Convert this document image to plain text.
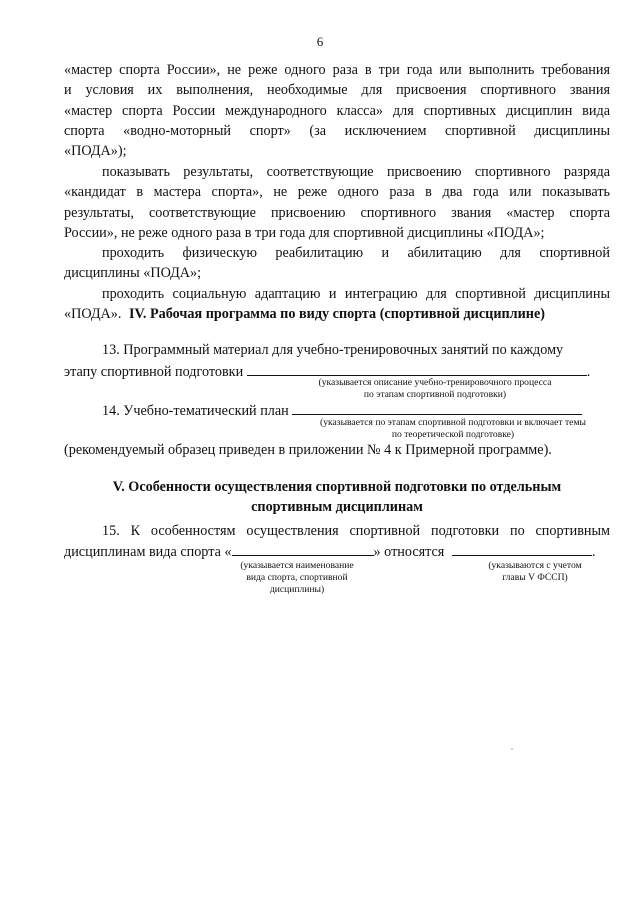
6
«мастер спорта России», не реже одного раза в три года или выполнить требования
и условия их выполнения, необходимые для присвоения спортивного звания
«мастер спорта России международного класса» для спортивных дисциплин вида
спорта «водно-моторный спорт» (за исключением спортивной дисциплины
«ПОДА»);
показывать результаты, соответствующие присвоению спортивного разряда
«кандидат в мастера спорта», не реже одного раза в два года или показывать
результаты, соответствующие присвоению спортивного звания «мастер спорта
России», не реже одного раза в три года для спортивной дисциплины «ПОДА»;
проходить физическую реабилитацию и абилитацию для спортивной
дисциплины «ПОДА»;
проходить социальную адаптацию и интеграцию для спортивной дисциплины
«ПОДА». IV. Рабочая программа по виду спорта (спортивной дисциплине)
13. Программный материал для учебно-тренировочных занятий по каждому
этапу спортивной подготовки	.
(указывается описание учебно-тренировочного процесса
по этапам спортивной подготовки)
14. Учебно-тематический план
(указывается по этапам спортивной подготовки и включает темы
по теоретической подготовке)
(рекомендуемый образец приведен в приложении № 4 к Примерной программе).
V. Особенности осуществления спортивной подготовки по отдельным
спортивным дисциплинам
15. К особенностям осуществления спортивной подготовки по спортивным
дисциплинам вида спорта «	» относятся	.
(указывается наименование
вида спорта, спортивной
дисциплины)
(указываются с учетом
главы V ФССП)
